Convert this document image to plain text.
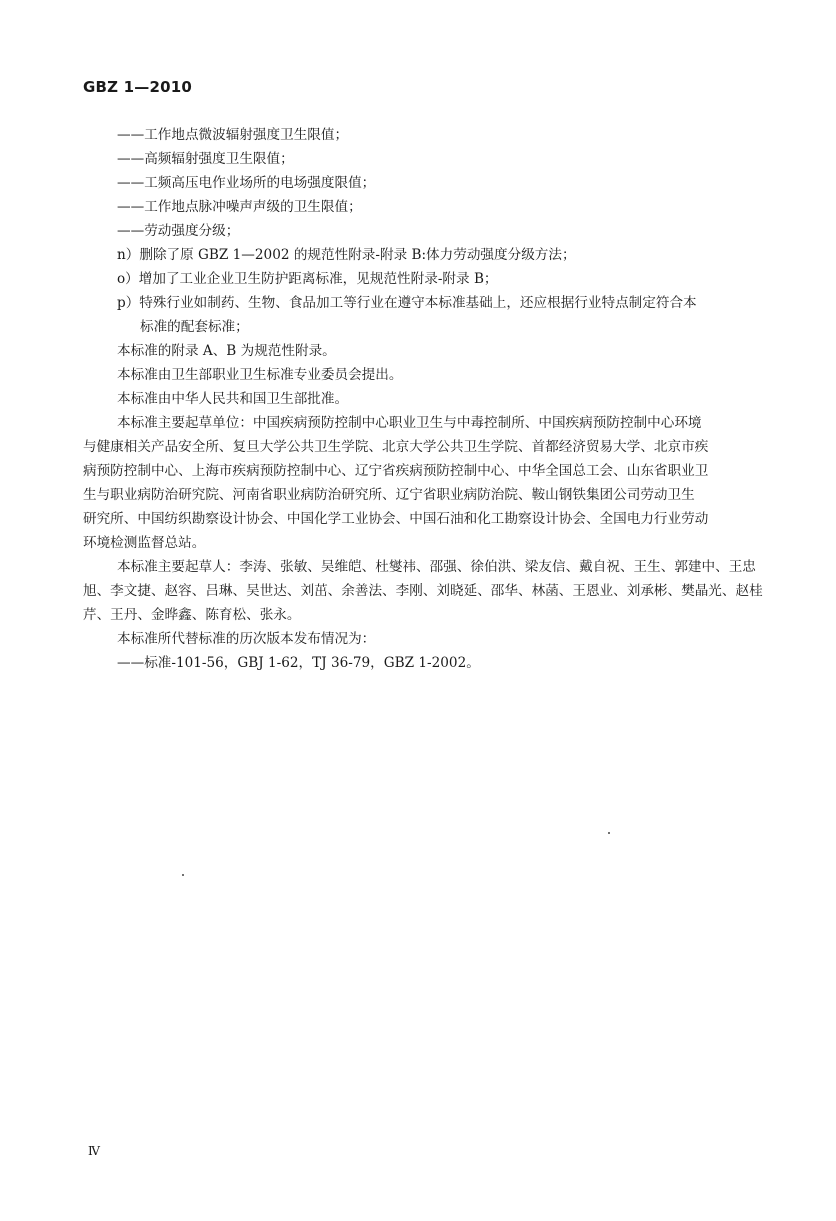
GBZ 1—2010
——工作地点微波辐射强度卫生限值；
——高频辐射强度卫生限值；
——工频高压电作业场所的电场强度限值；
——工作地点脉冲噪声声级的卫生限值；
——劳动强度分级；
n）删除了原 GBZ 1—2002 的规范性附录-附录 B:体力劳动强度分级方法；
o）增加了工业企业卫生防护距离标准，见规范性附录-附录 B；
p）特殊行业如制药、生物、食品加工等行业在遵守本标准基础上，还应根据行业特点制定符合本
标准的配套标准；
本标准的附录 A、B 为规范性附录。
本标准由卫生部职业卫生标准专业委员会提出。
本标准由中华人民共和国卫生部批准。
本标准主要起草单位：中国疾病预防控制中心职业卫生与中毒控制所、中国疾病预防控制中心环境
与健康相关产品安全所、复旦大学公共卫生学院、北京大学公共卫生学院、首都经济贸易大学、北京市疾
病预防控制中心、上海市疾病预防控制中心、辽宁省疾病预防控制中心、中华全国总工会、山东省职业卫
生与职业病防治研究院、河南省职业病防治研究所、辽宁省职业病防治院、鞍山钢铁集团公司劳动卫生
研究所、中国纺织勘察设计协会、中国化学工业协会、中国石油和化工勘察设计协会、全国电力行业劳动
环境检测监督总站。
本标准主要起草人：李涛、张敏、吴维皑、杜燮祎、邵强、徐伯洪、梁友信、戴自祝、王生、郭建中、王忠
旭、李文捷、赵容、吕琳、吴世达、刘茁、余善法、李刚、刘晓延、邵华、林菡、王恩业、刘承彬、樊晶光、赵桂
芹、王丹、金晔鑫、陈育松、张永。
本标准所代替标准的历次版本发布情况为：
——标准-101-56，GBJ 1-62，TJ 36-79，GBZ 1-2002。
Ⅳ
